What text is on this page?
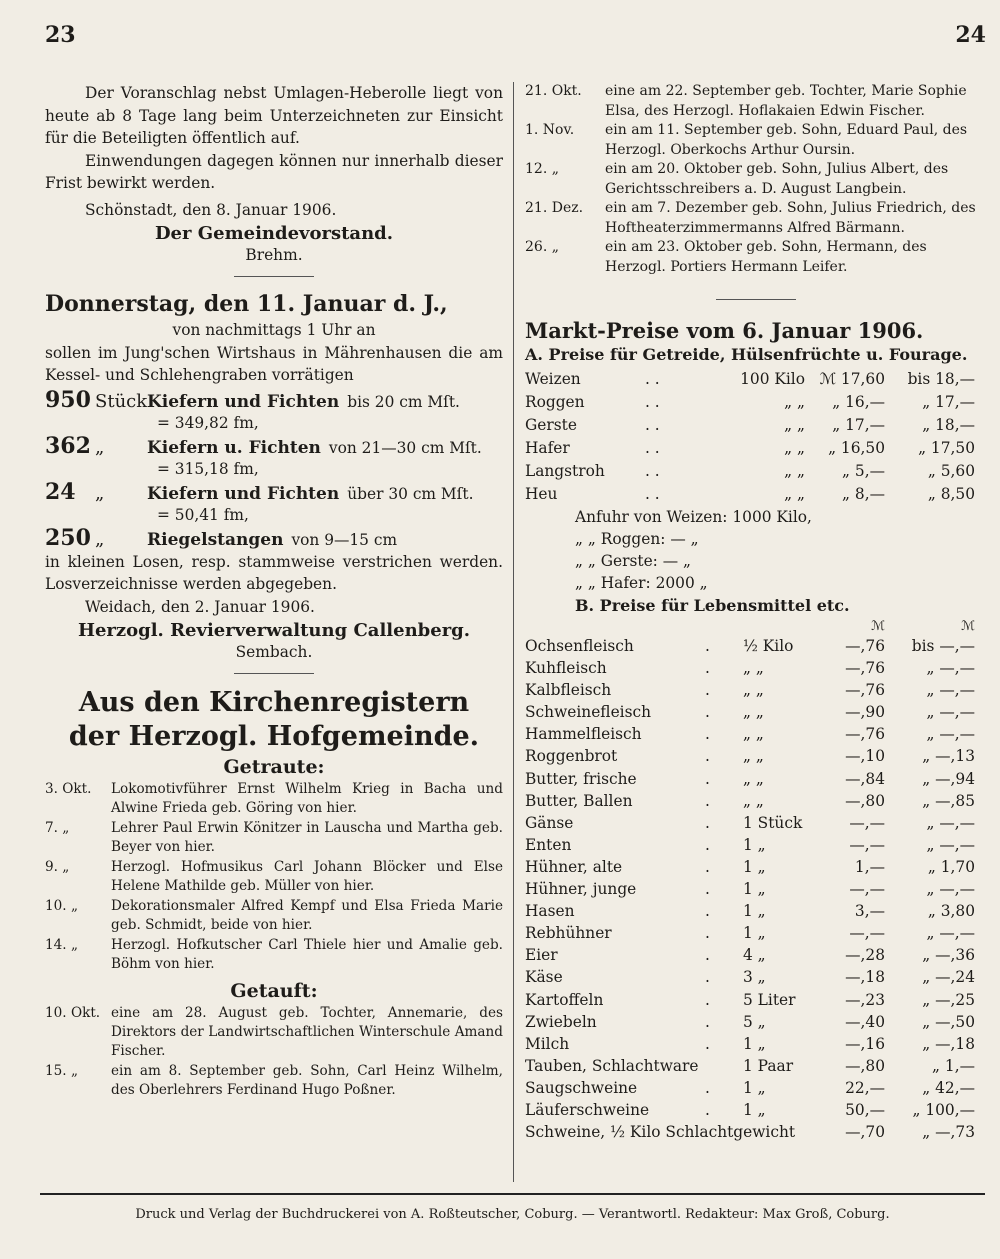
23	24
Der Voranschlag nebst Umlagen-Heberolle liegt von heute ab 8 Tage lang beim Unterzeichneten zur Einsicht für die Beteiligten öffentlich auf.
Einwendungen dagegen können nur innerhalb dieser Frist bewirkt werden.
Schönstadt, den 8. Januar 1906.
Der Gemeindevorstand.
Brehm.
Donnerstag, den 11. Januar d. J.,
von nachmittags 1 Uhr an
sollen im Jung'schen Wirtshaus in Mährenhausen die am Kessel- und Schlehengraben vorrätigen
950 Stück Kiefern und Fichten bis 20 cm Mſt.
= 349,82 fm,
362 „	Kiefern u. Fichten von 21—30 cm Mſt.
= 315,18 fm,
24	„	Kiefern und Fichten über 30 cm Mſt.
= 50,41 fm,
250 „	Riegelstangen von 9—15 cm
in kleinen Losen, resp. stammweise verstrichen werden. Losverzeichnisse werden abgegeben.
Weidach, den 2. Januar 1906.
Herzogl. Revierverwaltung Callenberg.
Sembach.
Aus den Kirchenregistern
der Herzogl. Hofgemeinde.
Getraute:
3. Okt.	Lokomotivführer Ernst Wilhelm Krieg in Bacha und Alwine Frieda geb. Göring von hier.
7. „	Lehrer Paul Erwin Könitzer in Lauscha und Martha geb. Beyer von hier.
9. „	Herzogl. Hofmusikus Carl Johann Blöcker und Else Helene Mathilde geb. Müller von hier.
10. „	Dekorationsmaler Alfred Kempf und Elsa Frieda Marie geb. Schmidt, beide von hier.
14. „	Herzogl. Hofkutscher Carl Thiele hier und Amalie geb. Böhm von hier.
Getauft:
10. Okt. eine am 28. August geb. Tochter, Annemarie, des Direktors der Landwirtschaftlichen Winterschule Amand Fischer.
15. „	ein am 8. September geb. Sohn, Carl Heinz Wilhelm, des Oberlehrers Ferdinand Hugo Poßner.
21. Okt.	eine am 22. September geb. Tochter, Marie Sophie Elsa, des Herzogl. Hoflakaien Edwin Fischer.
1. Nov.	ein am 11. September geb. Sohn, Eduard Paul, des Herzogl. Oberkochs Arthur Oursin.
12. „	ein am 20. Oktober geb. Sohn, Julius Albert, des Gerichtsschreibers a. D. August Langbein.
21. Dez.	ein am 7. Dezember geb. Sohn, Julius Friedrich, des Hoftheaterzimmermanns Alfred Bärmann.
26. „	ein am 23. Oktober geb. Sohn, Hermann, des Herzogl. Portiers Hermann Leifer.
Markt-Preise vom 6. Januar 1906.
A. Preise für Getreide, Hülsenfrüchte u. Fourage.
Weizen	. .	100 Kilo ℳ 17,60	bis 18,—
Roggen	. .	„ „	„ 16,—	„ 17,—
Gerste	. .	„ „	„ 17,—	„ 18,—
Hafer	. .	„ „	„ 16,50	„ 17,50
Langstroh	. .	„ „	„ 5,—	„ 5,60
Heu	. .	„ „	„ 8,—	„ 8,50
Anfuhr von Weizen: 1000 Kilo,
„ „ Roggen: — „
„ „ Gerste: — „
„ „ Hafer: 2000 „
B. Preise für Lebensmittel etc.
ℳ	ℳ
Ochsenfleisch	.	½ Kilo	—,76	bis —,—
Kuhfleisch	.	„ „	—,76	„ —,—
Kalbfleisch	.	„ „	—,76	„ —,—
Schweinefleisch	.	„ „	—,90	„ —,—
Hammelfleisch	.	„ „	—,76	„ —,—
Roggenbrot	.	„ „	—,10	„ —,13
Butter, frische	.	„ „	—,84	„ —,94
Butter, Ballen	.	„ „	—,80	„ —,85
Gänse	.	1 Stück	—,—	„ —,—
Enten	.	1 „	—,—	„ —,—
Hühner, alte	.	1 „	1,—	„ 1,70
Hühner, junge	.	1 „	—,—	„ —,—
Hasen	.	1 „	3,—	„ 3,80
Rebhühner	.	1 „	—,—	„ —,—
Eier	.	4 „	—,28	„ —,36
Käse	.	3 „	—,18	„ —,24
Kartoffeln	.	5 Liter	—,23	„ —,25
Zwiebeln	.	5 „	—,40	„ —,50
Milch	.	1 „	—,16	„ —,18
Tauben, Schlachtware	1 Paar	—,80	„ 1,—
Saugschweine	.	1 „	22,—	„ 42,—
Läuferschweine	.	1 „	50,—	„ 100,—
Schweine, ½ Kilo Schlachtgewicht	—,70	„ —,73
Druck und Verlag der Buchdruckerei von A. Roßteutscher, Coburg. — Verantwortl. Redakteur: Max Groß, Coburg.
